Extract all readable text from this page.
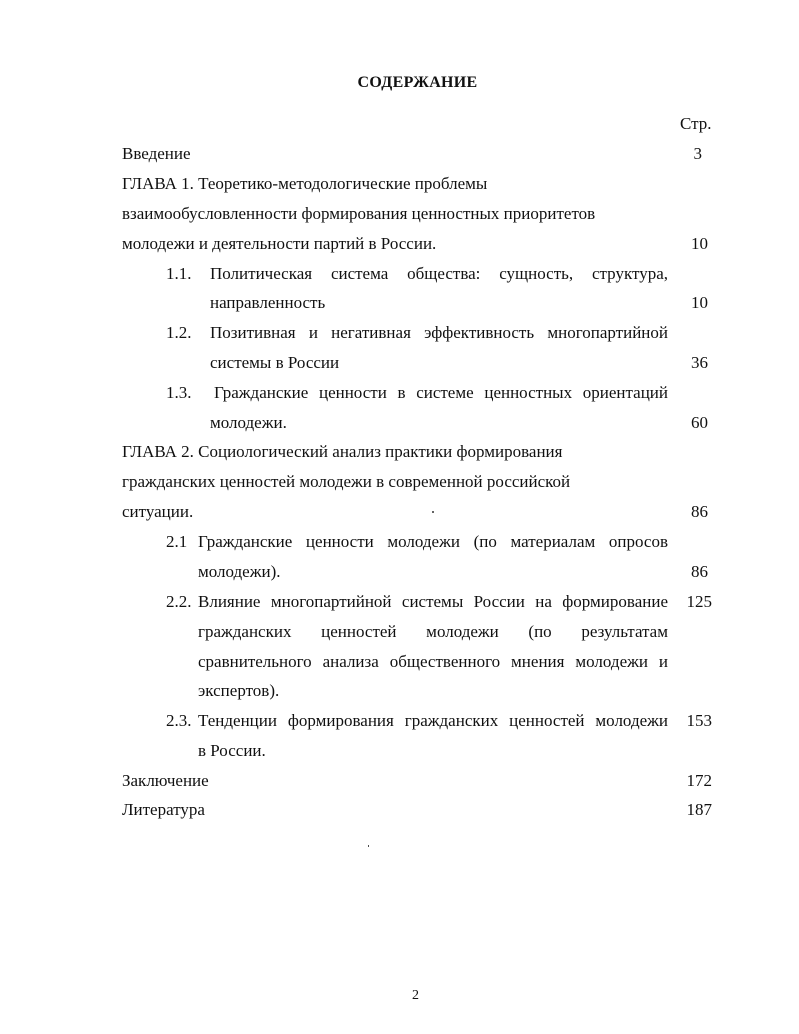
СОДЕРЖАНИЕ
Стр.
Введение	3
ГЛАВА 1. Теоретико-методологические проблемы
взаимообусловленности формирования ценностных приоритетов
молодежи и деятельности партий в России.	10
1.1. Политическая система общества: сущность, структура,
направленность	10
1.2. Позитивная и негативная эффективность многопартийной
системы в России	36
1.3. Гражданские ценности в системе ценностных ориентаций
молодежи.	60
ГЛАВА 2. Социологический анализ практики формирования
гражданских ценностей молодежи в современной российской
ситуации.	86
2.1 Гражданские ценности молодежи (по материалам опросов
молодежи).	86
2.2. Влияние многопартийной системы России на формирование	125
гражданских ценностей молодежи (по результатам
сравнительного анализа общественного мнения молодежи и
экспертов).
2.3. Тенденции формирования гражданских ценностей молодежи	153
в России.
Заключение	172
Литература	187
2
